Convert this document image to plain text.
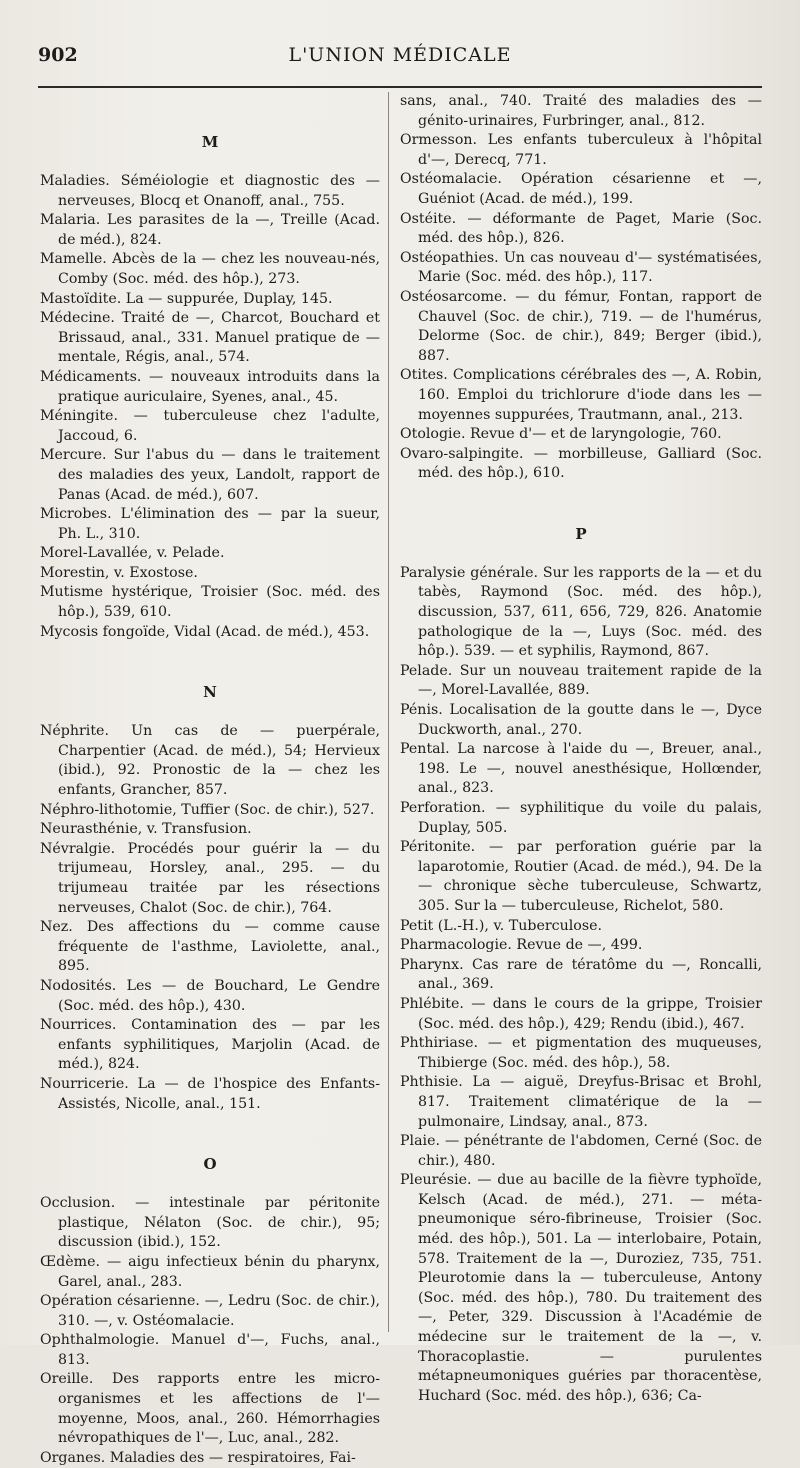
902	L'UNION MÉDICALE
M

Maladies. Séméiologie et diagnostic des — nerveuses, Blocq et Onanoff, anal., 755.

Malaria. Les parasites de la —, Treille (Acad. de méd.), 824.

Mamelle. Abcès de la — chez les nouveau-nés, Comby (Soc. méd. des hôp.), 273.

Mastoïdite. La — suppurée, Duplay, 145.

Médecine. Traité de —, Charcot, Bouchard et Brissaud, anal., 331. Manuel pratique de — mentale, Régis, anal., 574.

Médicaments. — nouveaux introduits dans la pratique auriculaire, Syenes, anal., 45.

Méningite. — tuberculeuse chez l'adulte, Jaccoud, 6.

Mercure. Sur l'abus du — dans le traitement des maladies des yeux, Landolt, rapport de Panas (Acad. de méd.), 607.

Microbes. L'élimination des — par la sueur, Ph. L., 310.

Morel-Lavallée, v. Pelade.

Morestin, v. Exostose.

Mutisme hystérique, Troisier (Soc. méd. des hôp.), 539, 610.

Mycosis fongoïde, Vidal (Acad. de méd.), 453.

N

Néphrite. Un cas de — puerpérale, Charpentier (Acad. de méd.), 54; Hervieux (ibid.), 92. Pronostic de la — chez les enfants, Grancher, 857.

Néphro-lithotomie, Tuffier (Soc. de chir.), 527.

Neurasthénie, v. Transfusion.

Névralgie. Procédés pour guérir la — du trijumeau, Horsley, anal., 295. — du trijumeau traitée par les résections nerveuses, Chalot (Soc. de chir.), 764.

Nez. Des affections du — comme cause fréquente de l'asthme, Laviolette, anal., 895.

Nodosités. Les — de Bouchard, Le Gendre (Soc. méd. des hôp.), 430.

Nourrices. Contamination des — par les enfants syphilitiques, Marjolin (Acad. de méd.), 824.

Nourricerie. La — de l'hospice des Enfants-Assistés, Nicolle, anal., 151.

O

Occlusion. — intestinale par péritonite plastique, Nélaton (Soc. de chir.), 95; discussion (ibid.), 152.

Œdème. — aigu infectieux bénin du pharynx, Garel, anal., 283.

Opération césarienne. —, Ledru (Soc. de chir.), 310. —, v. Ostéomalacie.

Ophthalmologie. Manuel d'—, Fuchs, anal., 813.

Oreille. Des rapports entre les micro-organismes et les affections de l'— moyenne, Moos, anal., 260. Hémorrhagies névropathiques de l'—, Luc, anal., 282.

Organes. Maladies des — respiratoires, Fai-

sans, anal., 740. Traité des maladies des — génito-urinaires, Furbringer, anal., 812.

Ormesson. Les enfants tuberculeux à l'hôpital d'—, Derecq, 771.

Ostéomalacie. Opération césarienne et —, Guéniot (Acad. de méd.), 199.

Ostéite. — déformante de Paget, Marie (Soc. méd. des hôp.), 826.

Ostéopathies. Un cas nouveau d'— systématisées, Marie (Soc. méd. des hôp.), 117.

Ostéosarcome. — du fémur, Fontan, rapport de Chauvel (Soc. de chir.), 719. — de l'humérus, Delorme (Soc. de chir.), 849; Berger (ibid.), 887.

Otites. Complications cérébrales des —, A. Robin, 160. Emploi du trichlorure d'iode dans les — moyennes suppurées, Trautmann, anal., 213.

Otologie. Revue d'— et de laryngologie, 760.

Ovaro-salpingite. — morbilleuse, Galliard (Soc. méd. des hôp.), 610.

P

Paralysie générale. Sur les rapports de la — et du tabès, Raymond (Soc. méd. des hôp.), discussion, 537, 611, 656, 729, 826. Anatomie pathologique de la —, Luys (Soc. méd. des hôp.). 539. — et syphilis, Raymond, 867.

Pelade. Sur un nouveau traitement rapide de la —, Morel-Lavallée, 889.

Pénis. Localisation de la goutte dans le —, Dyce Duckworth, anal., 270.

Pental. La narcose à l'aide du —, Breuer, anal., 198. Le —, nouvel anesthésique, Hollœnder, anal., 823.

Perforation. — syphilitique du voile du palais, Duplay, 505.

Péritonite. — par perforation guérie par la laparotomie, Routier (Acad. de méd.), 94. De la — chronique sèche tuberculeuse, Schwartz, 305. Sur la — tuberculeuse, Richelot, 580.

Petit (L.-H.), v. Tuberculose.

Pharmacologie. Revue de —, 499.

Pharynx. Cas rare de tératôme du —, Roncalli, anal., 369.

Phlébite. — dans le cours de la grippe, Troisier (Soc. méd. des hôp.), 429; Rendu (ibid.), 467.

Phthiriase. — et pigmentation des muqueuses, Thibierge (Soc. méd. des hôp.), 58.

Phthisie. La — aiguë, Dreyfus-Brisac et Brohl, 817. Traitement climatérique de la — pulmonaire, Lindsay, anal., 873.

Plaie. — pénétrante de l'abdomen, Cerné (Soc. de chir.), 480.

Pleurésie. — due au bacille de la fièvre typhoïde, Kelsch (Acad. de méd.), 271. — méta-pneumonique séro-fibrineuse, Troisier (Soc. méd. des hôp.), 501. La — interlobaire, Potain, 578. Traitement de la —, Duroziez, 735, 751. Pleurotomie dans la — tuberculeuse, Antony (Soc. méd. des hôp.), 780. Du traitement des —, Peter, 329. Discussion à l'Académie de médecine sur le traitement de la —, v. Thoracoplastie. — purulentes métapneumoniques guéries par thoracentèse, Huchard (Soc. méd. des hôp.), 636; Ca-
